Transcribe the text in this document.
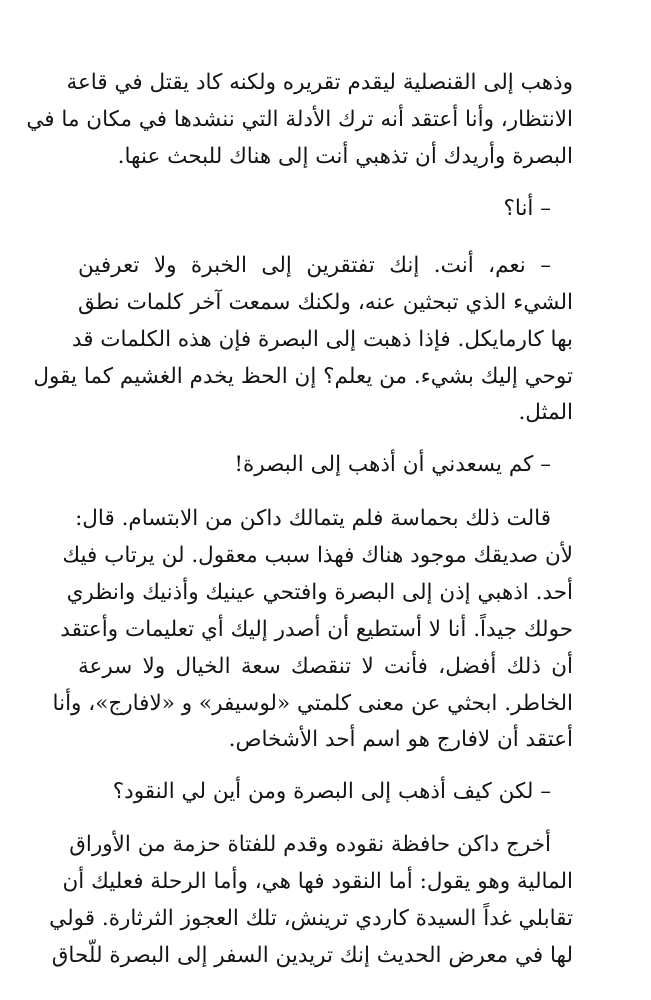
وذهب إلى القنصلية ليقدم تقريره ولكنه كاد يقتل في قاعة
الانتظار، وأنا أعتقد أنه ترك الأدلة التي ننشدها في مكان ما في
البصرة وأريدك أن تذهبي أنت إلى هناك للبحث عنها.
– أنا؟
– نعم، أنت. إنك تفتقرين إلى الخبرة ولا تعرفين
الشيء الذي تبحثين عنه، ولكنك سمعت آخر كلمات نطق
بها كارمايكل. فإذا ذهبت إلى البصرة فإن هذه الكلمات قد
توحي إليك بشيء. من يعلم؟ إن الحظ يخدم الغشيم كما يقول
المثل.
– كم يسعدني أن أذهب إلى البصرة!
قالت ذلك بحماسة فلم يتمالك داكن من الابتسام. قال:
لأن صديقك موجود هناك فهذا سبب معقول. لن يرتاب فيك
أحد. اذهبي إذن إلى البصرة وافتحي عينيك وأذنيك وانظري
حولك جيداً. أنا لا أستطيع أن أصدر إليك أي تعليمات وأعتقد
أن ذلك أفضل، فأنت لا تنقصك سعة الخيال ولا سرعة
الخاطر. ابحثي عن معنى كلمتي «لوسيفر» و «لافارج»، وأنا
أعتقد أن لافارج هو اسم أحد الأشخاص.
– لكن كيف أذهب إلى البصرة ومن أين لي النقود؟
أخرج داكن حافظة نقوده وقدم للفتاة حزمة من الأوراق
المالية وهو يقول: أما النقود فها هي، وأما الرحلة فعليك أن
تقابلي غداً السيدة كاردي ترينش، تلك العجوز الثرثارة. قولي
لها في معرض الحديث إنك تريدين السفر إلى البصرة للّحاق
